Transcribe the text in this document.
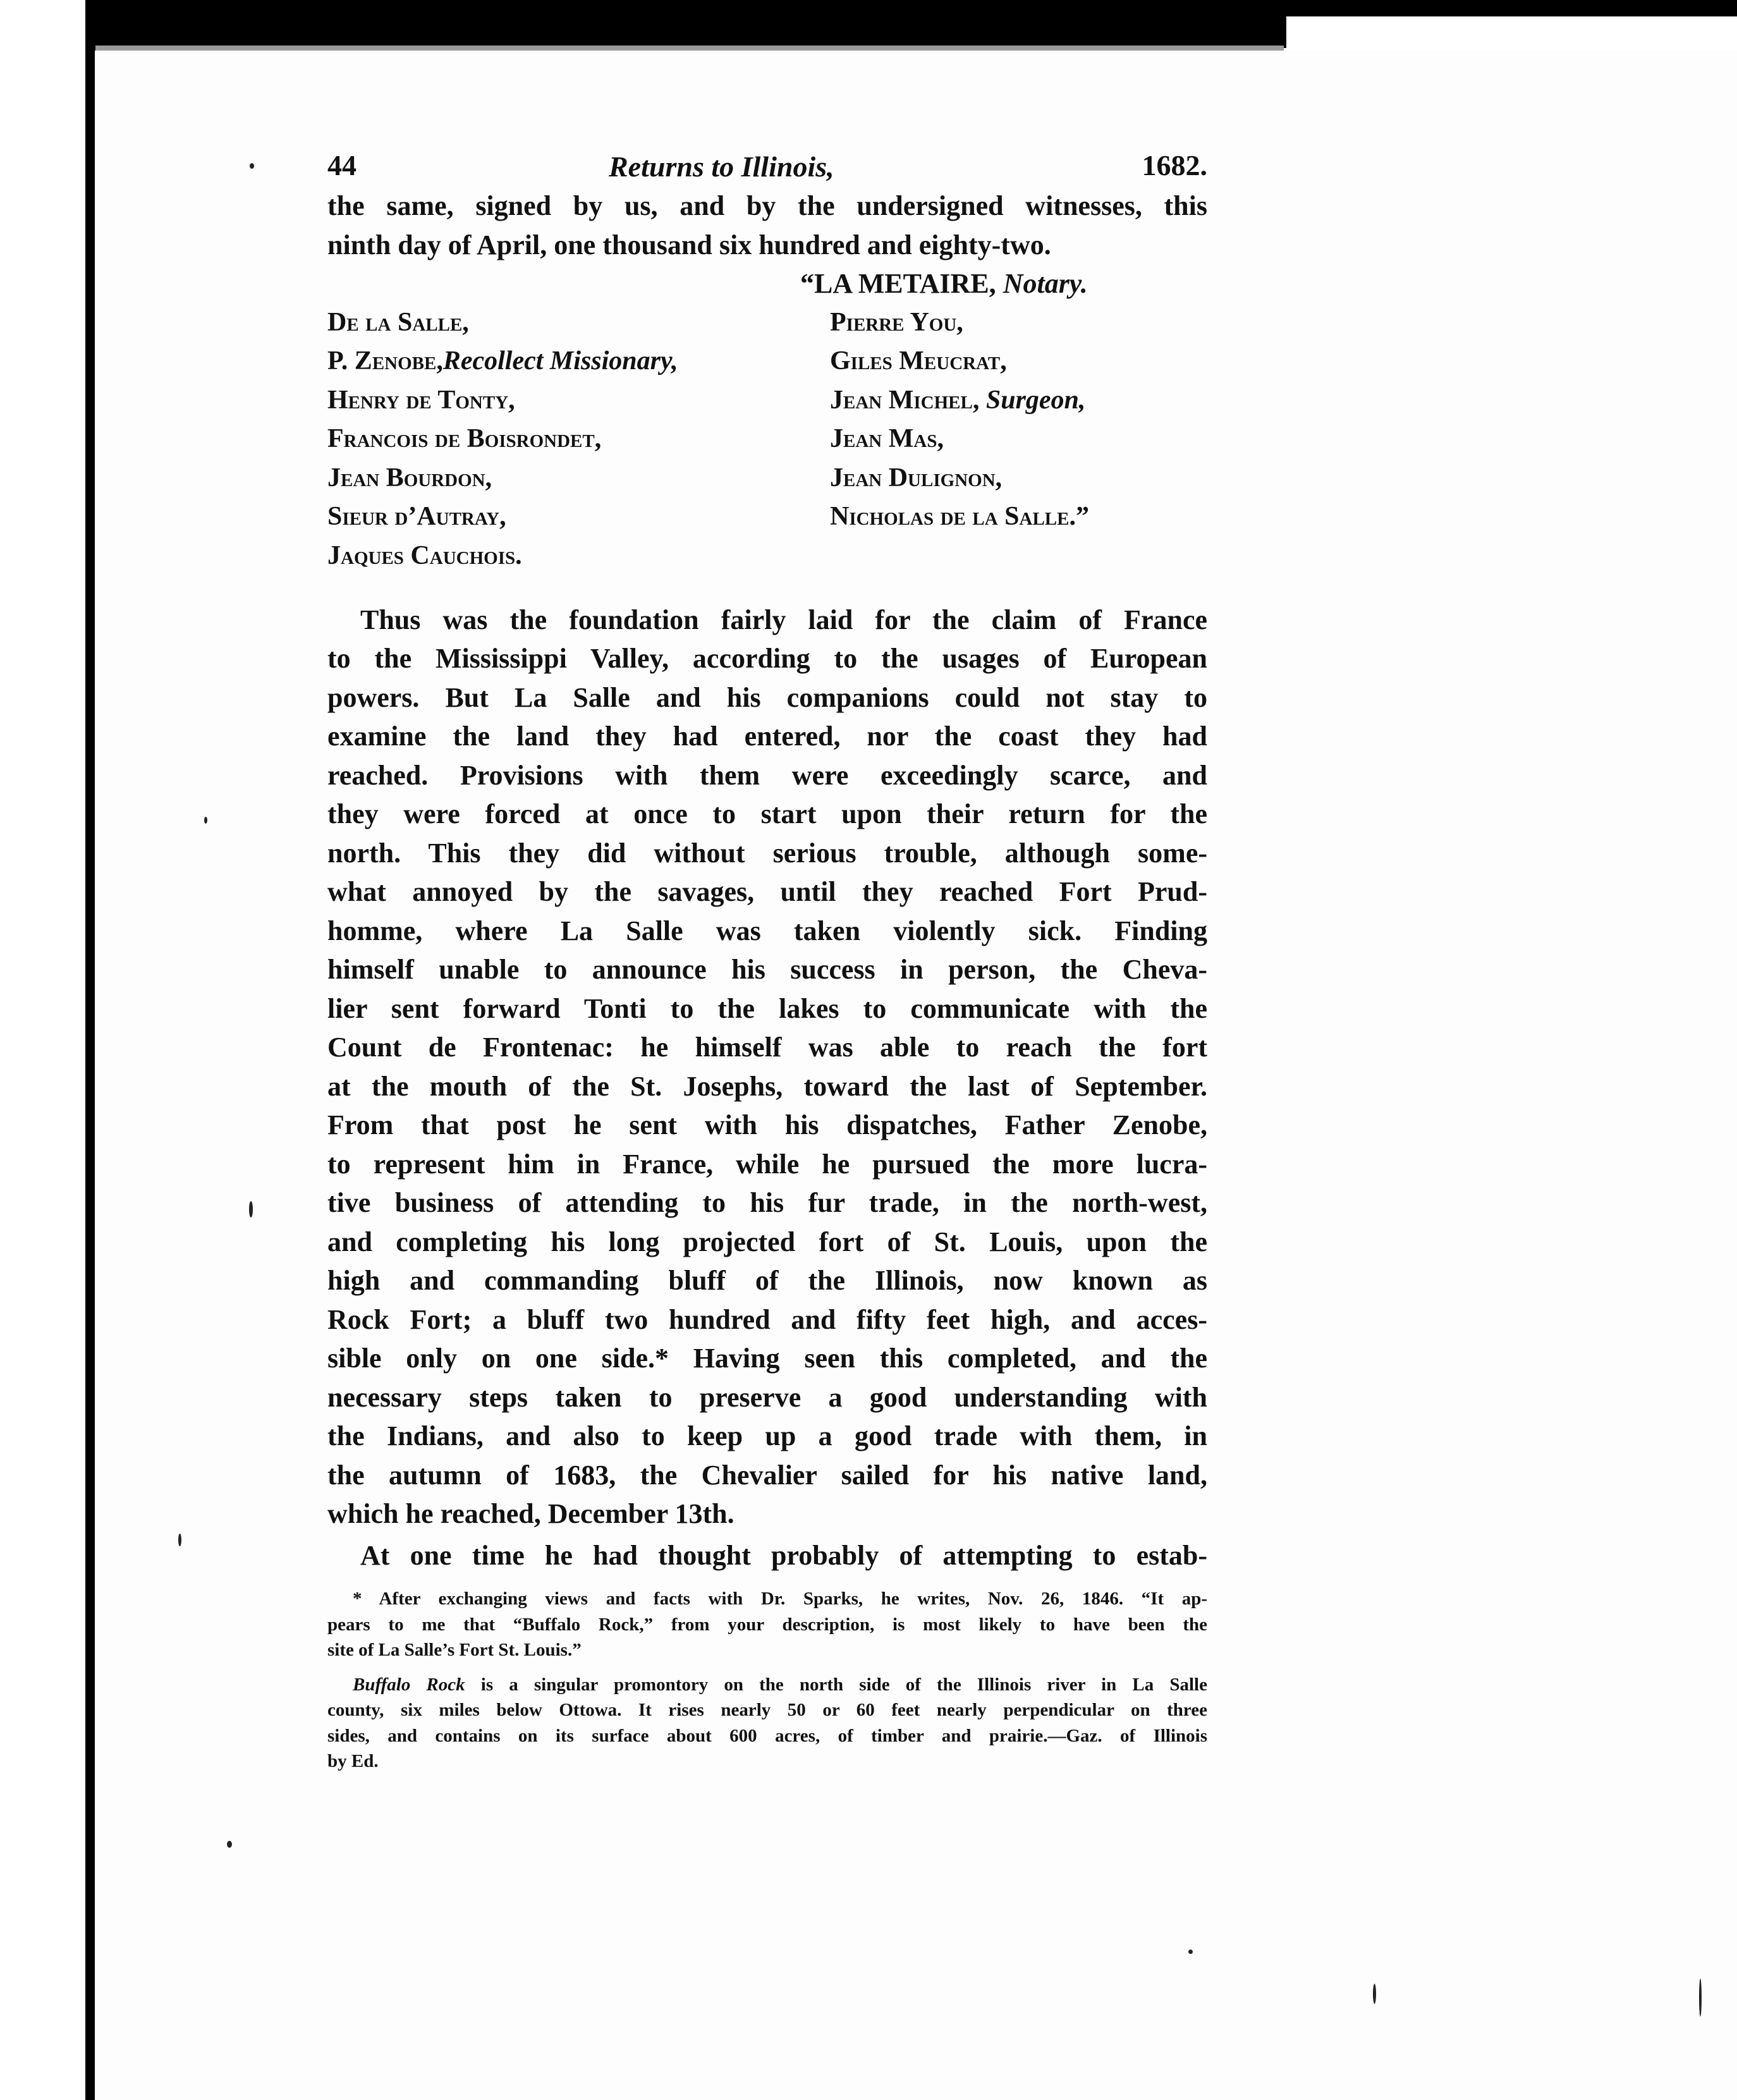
44	Returns to Illinois,	1682.
the same, signed by us, and by the undersigned witnesses, this
ninth day of April, one thousand six hundred and eighty-two.
“LA METAIRE, Notary.
De la Salle,
P. Zenobe,Recollect Missionary,
Henry de Tonty,
Francois de Boisrondet,
Jean Bourdon,
Sieur d’Autray,
Jaques Cauchois.
Pierre You,
Giles Meucrat,
Jean Michel, Surgeon,
Jean Mas,
Jean Dulignon,
Nicholas de la Salle.”
Thus was the foundation fairly laid for the claim of France
to the Mississippi Valley, according to the usages of European
powers. But La Salle and his companions could not stay to
examine the land they had entered, nor the coast they had
reached. Provisions with them were exceedingly scarce, and
they were forced at once to start upon their return for the
north. This they did without serious trouble, although some-
what annoyed by the savages, until they reached Fort Prud-
homme, where La Salle was taken violently sick. Finding
himself unable to announce his success in person, the Cheva-
lier sent forward Tonti to the lakes to communicate with the
Count de Frontenac: he himself was able to reach the fort
at the mouth of the St. Josephs, toward the last of September.
From that post he sent with his dispatches, Father Zenobe,
to represent him in France, while he pursued the more lucra-
tive business of attending to his fur trade, in the north-west,
and completing his long projected fort of St. Louis, upon the
high and commanding bluff of the Illinois, now known as
Rock Fort; a bluff two hundred and fifty feet high, and acces-
sible only on one side.* Having seen this completed, and the
necessary steps taken to preserve a good understanding with
the Indians, and also to keep up a good trade with them, in
the autumn of 1683, the Chevalier sailed for his native land,
which he reached, December 13th.
At one time he had thought probably of attempting to estab-
* After exchanging views and facts with Dr. Sparks, he writes, Nov. 26, 1846. “It ap-
pears to me that “Buffalo Rock,” from your description, is most likely to have been the
site of La Salle’s Fort St. Louis.”
Buffalo Rock is a singular promontory on the north side of the Illinois river in La Salle
county, six miles below Ottowa. It rises nearly 50 or 60 feet nearly perpendicular on three
sides, and contains on its surface about 600 acres, of timber and prairie.—Gaz. of Illinois
by Ed.
